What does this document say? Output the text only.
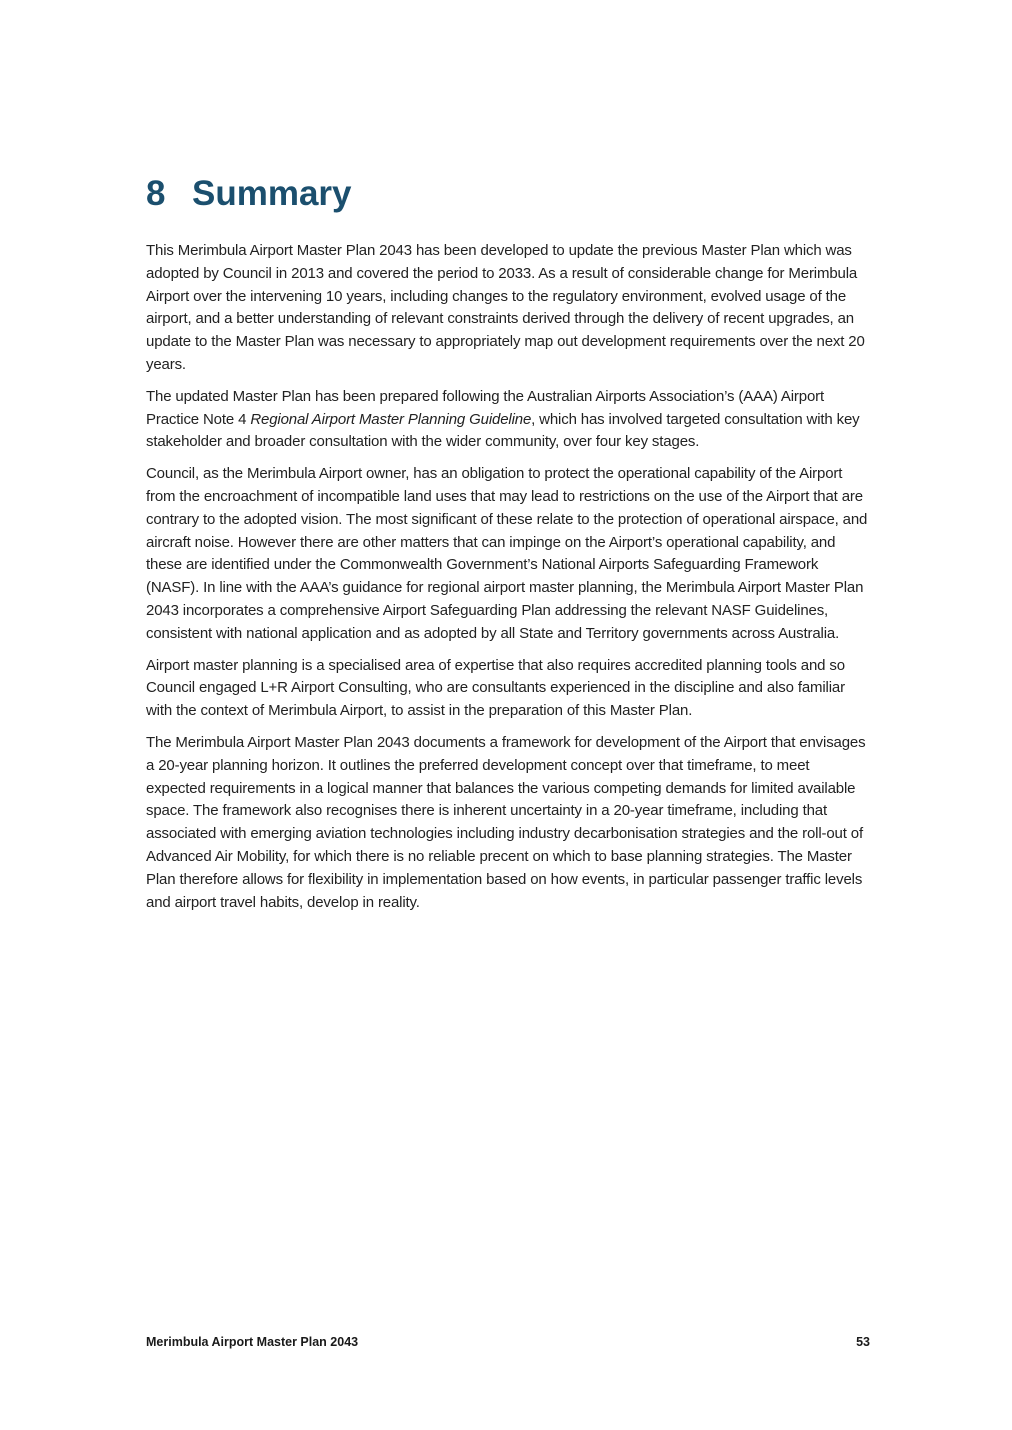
8 Summary

This Merimbula Airport Master Plan 2043 has been developed to update the previous Master Plan which was adopted by Council in 2013 and covered the period to 2033. As a result of considerable change for Merimbula Airport over the intervening 10 years, including changes to the regulatory environment, evolved usage of the airport, and a better understanding of relevant constraints derived through the delivery of recent upgrades, an update to the Master Plan was necessary to appropriately map out development requirements over the next 20 years.

The updated Master Plan has been prepared following the Australian Airports Association’s (AAA) Airport Practice Note 4 Regional Airport Master Planning Guideline, which has involved targeted consultation with key stakeholder and broader consultation with the wider community, over four key stages.

Council, as the Merimbula Airport owner, has an obligation to protect the operational capability of the Airport from the encroachment of incompatible land uses that may lead to restrictions on the use of the Airport that are contrary to the adopted vision. The most significant of these relate to the protection of operational airspace, and aircraft noise. However there are other matters that can impinge on the Airport’s operational capability, and these are identified under the Commonwealth Government’s National Airports Safeguarding Framework (NASF). In line with the AAA’s guidance for regional airport master planning, the Merimbula Airport Master Plan 2043 incorporates a comprehensive Airport Safeguarding Plan addressing the relevant NASF Guidelines, consistent with national application and as adopted by all State and Territory governments across Australia.

Airport master planning is a specialised area of expertise that also requires accredited planning tools and so Council engaged L+R Airport Consulting, who are consultants experienced in the discipline and also familiar with the context of Merimbula Airport, to assist in the preparation of this Master Plan.

The Merimbula Airport Master Plan 2043 documents a framework for development of the Airport that envisages a 20-year planning horizon. It outlines the preferred development concept over that timeframe, to meet expected requirements in a logical manner that balances the various competing demands for limited available space. The framework also recognises there is inherent uncertainty in a 20-year timeframe, including that associated with emerging aviation technologies including industry decarbonisation strategies and the roll-out of Advanced Air Mobility, for which there is no reliable precent on which to base planning strategies. The Master Plan therefore allows for flexibility in implementation based on how events, in particular passenger traffic levels and airport travel habits, develop in reality.

Merimbula Airport Master Plan 2043	53
